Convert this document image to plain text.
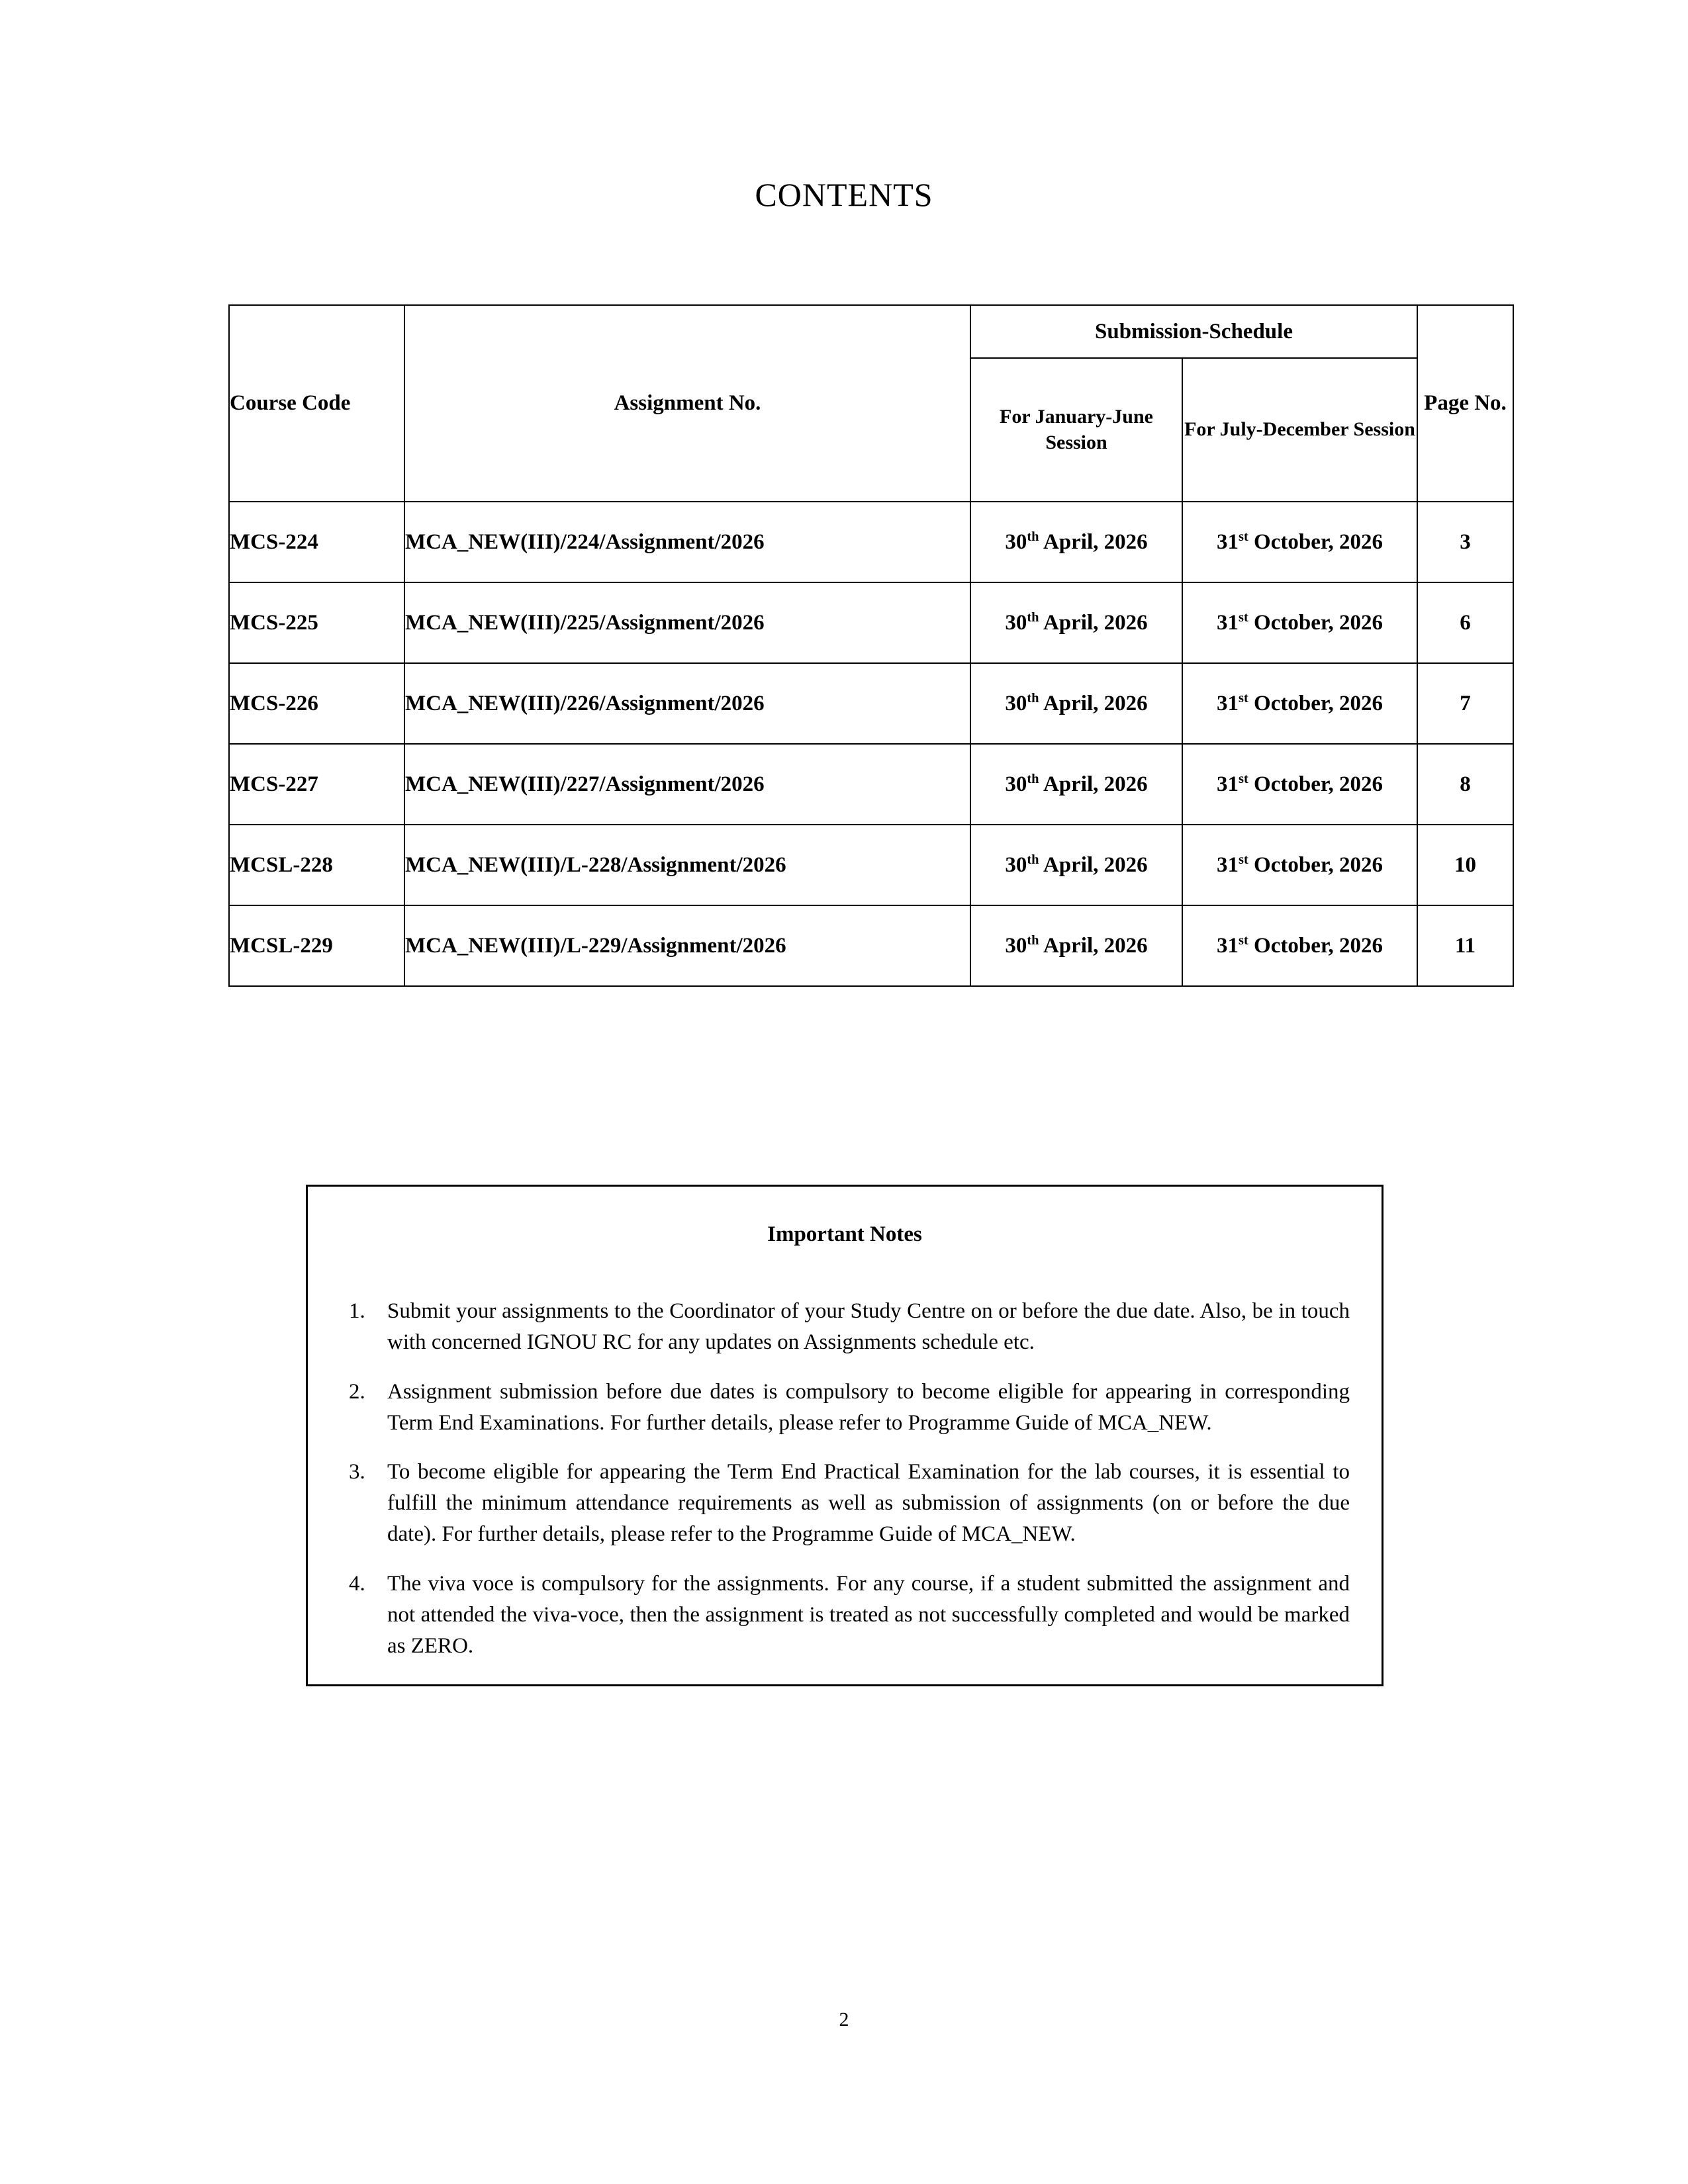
CONTENTS
Course Code	Assignment No.	Submission-Schedule		Page No.
		For January-June Session	For July-December Session	
MCS-224	MCA_NEW(III)/224/Assignment/2026	30th April, 2026	31st October, 2026	3
MCS-225	MCA_NEW(III)/225/Assignment/2026	30th April, 2026	31st October, 2026	6
MCS-226	MCA_NEW(III)/226/Assignment/2026	30th April, 2026	31st October, 2026	7
MCS-227	MCA_NEW(III)/227/Assignment/2026	30th April, 2026	31st October, 2026	8
MCSL-228	MCA_NEW(III)/L-228/Assignment/2026	30th April, 2026	31st October, 2026	10
MCSL-229	MCA_NEW(III)/L-229/Assignment/2026	30th April, 2026	31st October, 2026	11
Important Notes
Submit your assignments to the Coordinator of your Study Centre on or before the due date. Also, be in touch with concerned IGNOU RC for any updates on Assignments schedule etc.
Assignment submission before due dates is compulsory to become eligible for appearing in corresponding Term End Examinations. For further details, please refer to Programme Guide of MCA_NEW.
To become eligible for appearing the Term End Practical Examination for the lab courses, it is essential to fulfill the minimum attendance requirements as well as submission of assignments (on or before the due date). For further details, please refer to the Programme Guide of MCA_NEW.
The viva voce is compulsory for the assignments. For any course, if a student submitted the assignment and not attended the viva-voce, then the assignment is treated as not successfully completed and would be marked as ZERO.
2
